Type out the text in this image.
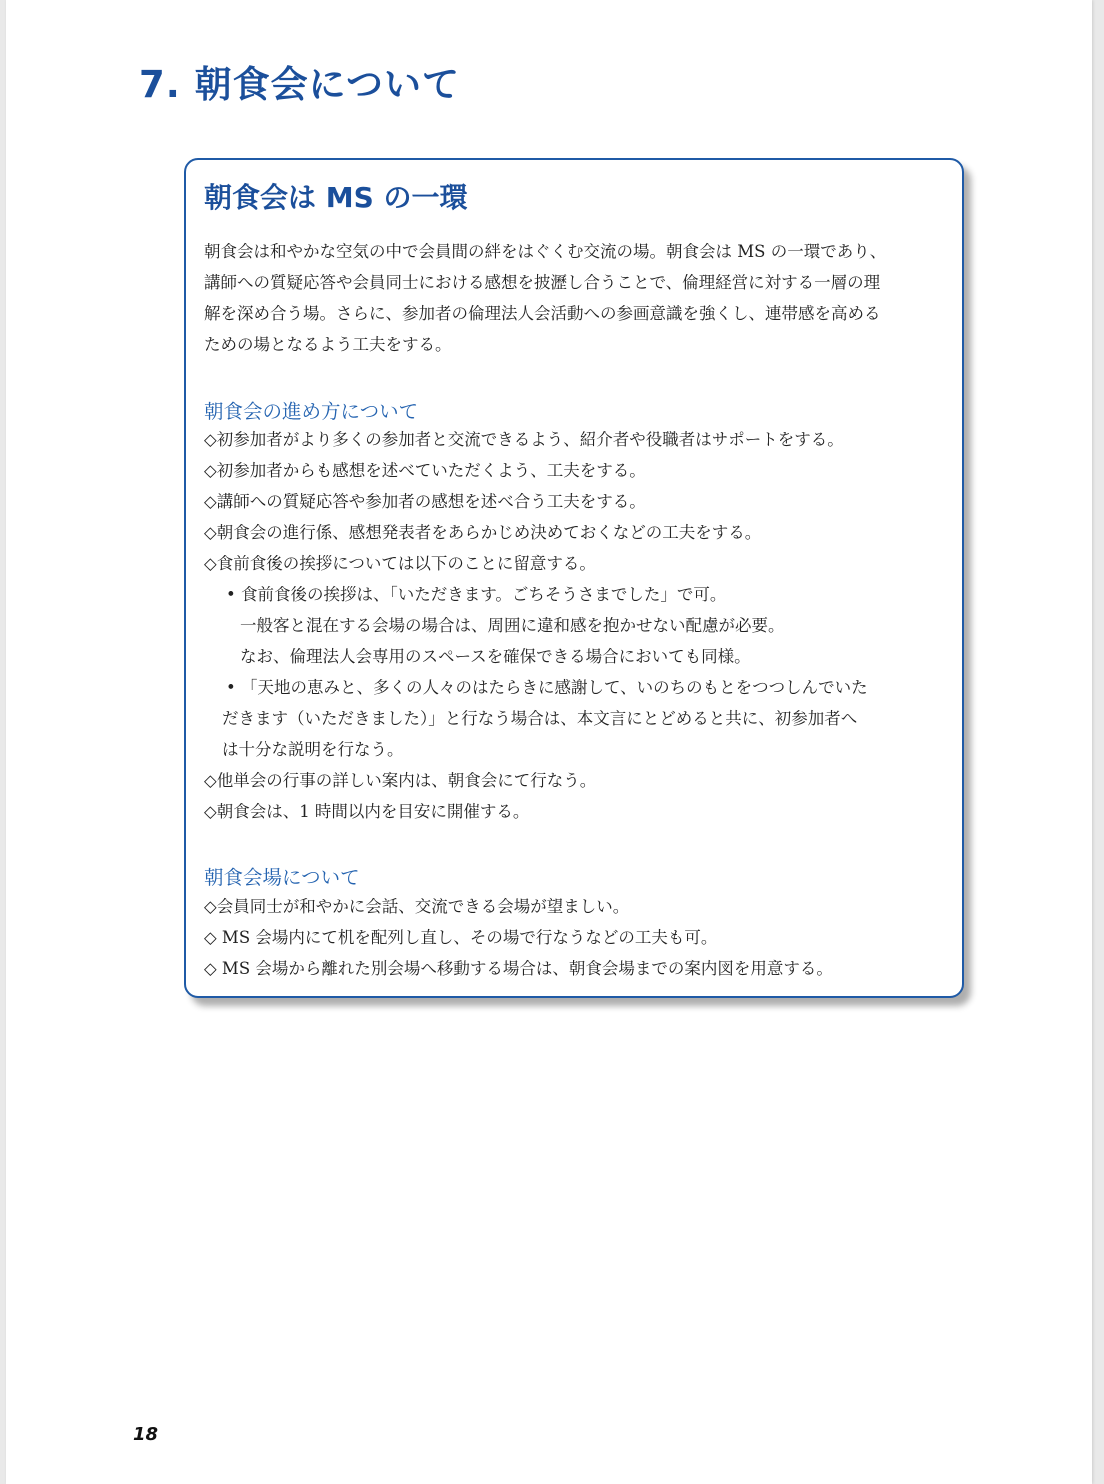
7. 朝食会について
朝食会は MS の一環

朝食会は和やかな空気の中で会員間の絆をはぐくむ交流の場。朝食会は MS の一環であり、
講師への質疑応答や会員同士における感想を披瀝し合うことで、倫理経営に対する一層の理
解を深め合う場。さらに、参加者の倫理法人会活動への参画意識を強くし、連帯感を高める
ための場となるよう工夫をする。

朝食会の進め方について
◇初参加者がより多くの参加者と交流できるよう、紹介者や役職者はサポートをする。
◇初参加者からも感想を述べていただくよう、工夫をする。
◇講師への質疑応答や参加者の感想を述べ合う工夫をする。
◇朝食会の進行係、感想発表者をあらかじめ決めておくなどの工夫をする。
◇食前食後の挨拶については以下のことに留意する。
• 食前食後の挨拶は、「いただきます。ごちそうさまでした」で可。
一般客と混在する会場の場合は、周囲に違和感を抱かせない配慮が必要。
なお、倫理法人会専用のスペースを確保できる場合においても同様。
• 「天地の恵みと、多くの人々のはたらきに感謝して、いのちのもとをつつしんでいた
だきます（いただきました）」と行なう場合は、本文言にとどめると共に、初参加者へ
は十分な説明を行なう。
◇他単会の行事の詳しい案内は、朝食会にて行なう。
◇朝食会は、1 時間以内を目安に開催する。
朝食会場について
◇会員同士が和やかに会話、交流できる会場が望ましい。
◇ MS 会場内にて机を配列し直し、その場で行なうなどの工夫も可。
◇ MS 会場から離れた別会場へ移動する場合は、朝食会場までの案内図を用意する。
18
